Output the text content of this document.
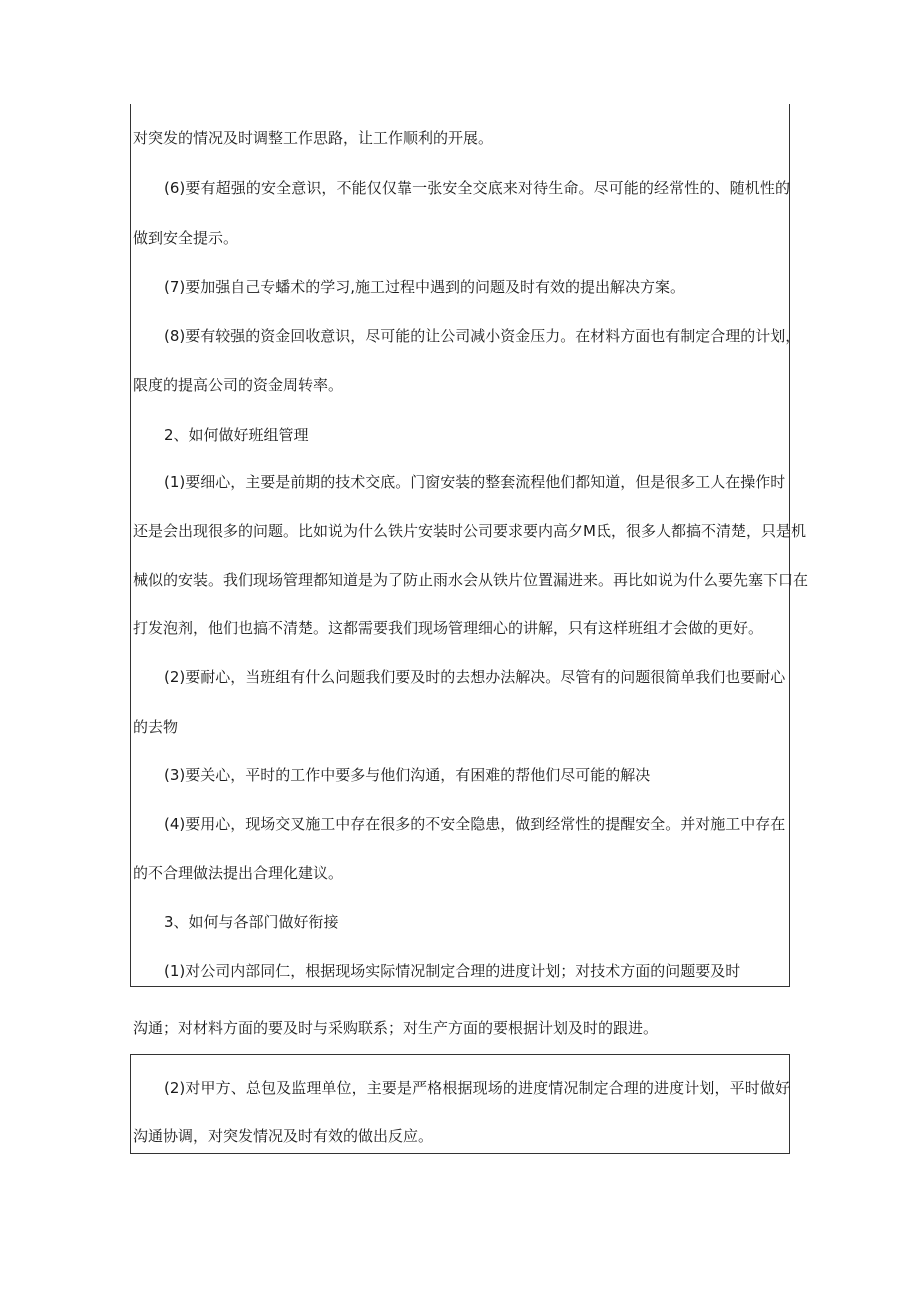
对突发的情况及时调整工作思路，让工作顺利的开展。

(6)要有超强的安全意识，不能仅仅靠一张安全交底来对待生命。尽可能的经常性的、随机性的

做到安全提示。

(7)要加强自己专蟠术的学习,施工过程中遇到的问题及时有效的提出解决方案。

(8)要有较强的资金回收意识，尽可能的让公司减小资金压力。在材料方面也有制定合理的计划，

限度的提高公司的资金周转率。

2、如何做好班组管理

(1)要细心，主要是前期的技术交底。门窗安装的整套流程他们都知道，但是很多工人在操作时

还是会出现很多的问题。比如说为什么铁片安装时公司要求要内高夕M氐，很多人都搞不清楚，只是机

械似的安装。我们现场管理都知道是为了防止雨水会从铁片位置漏进来。再比如说为什么要先塞下口在

打发泡剂，他们也搞不清楚。这都需要我们现场管理细心的讲解，只有这样班组才会做的更好。

(2)要耐心，当班组有什么问题我们要及时的去想办法解决。尽管有的问题很简单我们也要耐心

的去物

(3)要关心，平时的工作中要多与他们沟通，有困难的帮他们尽可能的解决

(4)要用心，现场交叉施工中存在很多的不安全隐患，做到经常性的提醒安全。并对施工中存在

的不合理做法提出合理化建议。

3、如何与各部门做好衔接

(1)对公司内部同仁，根据现场实际情况制定合理的进度计划；对技术方面的问题要及时

沟通；对材料方面的要及时与采购联系；对生产方面的要根据计划及时的跟进。

(2)对甲方、总包及监理单位，主要是严格根据现场的进度情况制定合理的进度计划，平时做好

沟通协调，对突发情况及时有效的做出反应。
